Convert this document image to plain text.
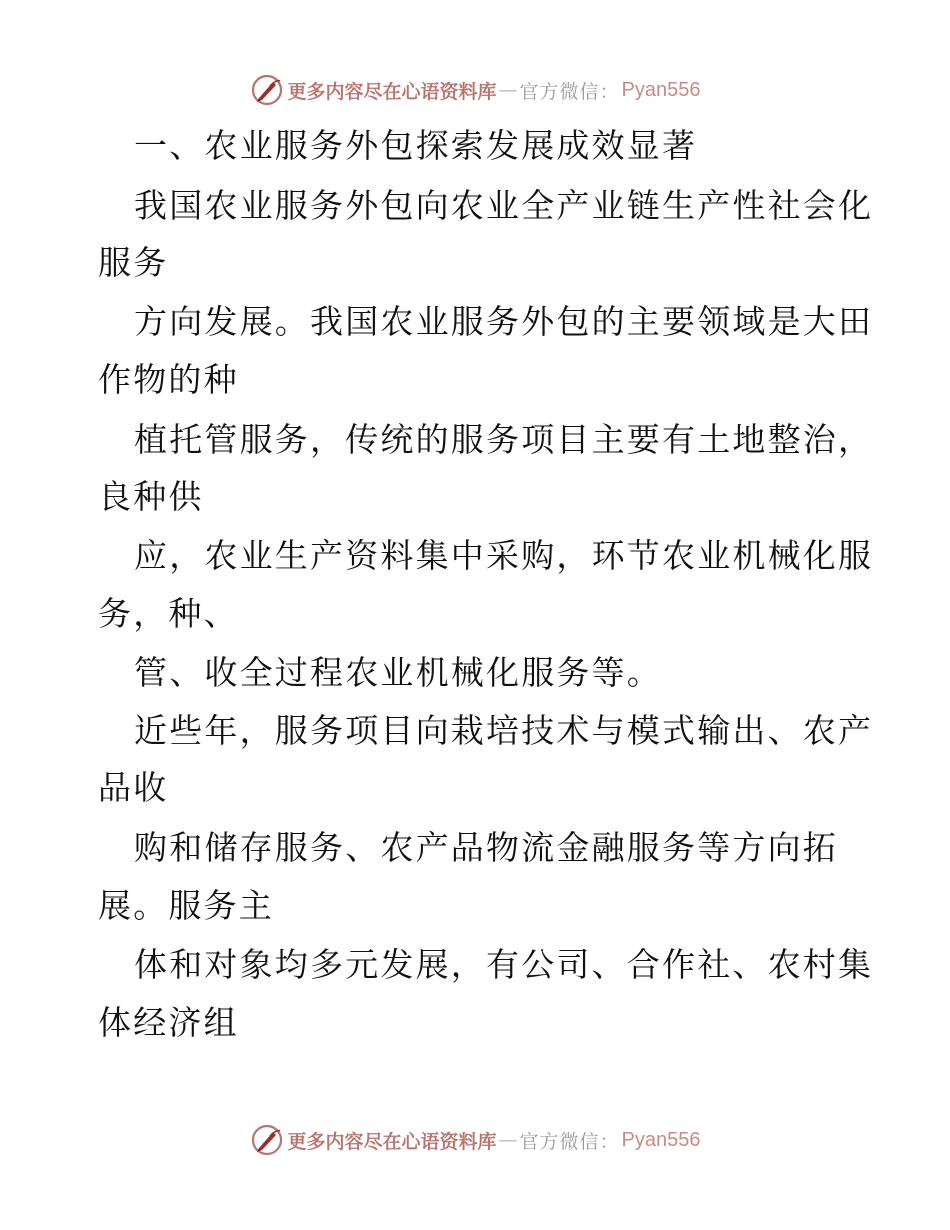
更多内容尽在心语资料库 — 官方微信： Pyan556
一、农业服务外包探索发展成效显著
我国农业服务外包向农业全产业链生产性社会化
服务
方向发展。我国农业服务外包的主要领域是大田
作物的种
植托管服务，传统的服务项目主要有土地整治，
良种供
应，农业生产资料集中采购，环节农业机械化服
务，种、
管、收全过程农业机械化服务等。
近些年，服务项目向栽培技术与模式输出、农产
品收
购和储存服务、农产品物流金融服务等方向拓
展。服务主
体和对象均多元发展，有公司、合作社、农村集
体经济组
更多内容尽在心语资料库 — 官方微信： Pyan556
